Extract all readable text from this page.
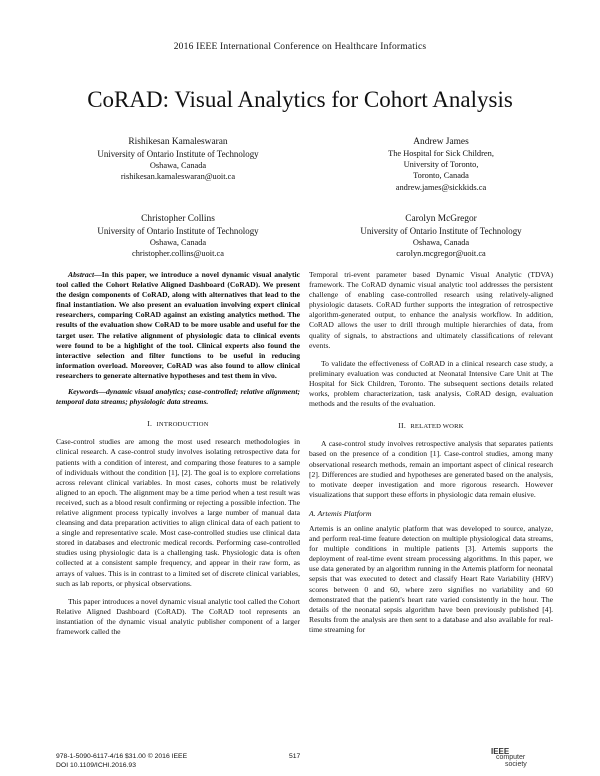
2016 IEEE International Conference on Healthcare Informatics
CoRAD: Visual Analytics for Cohort Analysis
Rishikesan Kamaleswaran
University of Ontario Institute of Technology
Oshawa, Canada
rishikesan.kamaleswaran@uoit.ca
Andrew James
The Hospital for Sick Children,
University of Toronto,
Toronto, Canada
andrew.james@sickkids.ca
Christopher Collins
University of Ontario Institute of Technology
Oshawa, Canada
christopher.collins@uoit.ca
Carolyn McGregor
University of Ontario Institute of Technology
Oshawa, Canada
carolyn.mcgregor@uoit.ca

Abstract—In this paper, we introduce a novel dynamic visual analytic tool called the Cohort Relative Aligned Dashboard (CoRAD). We present the design components of CoRAD, along with alternatives that lead to the final instantiation. We also present an evaluation involving expert clinical researchers, comparing CoRAD against an existing analytics method. The results of the evaluation show CoRAD to be more usable and useful for the target user. The relative alignment of physiologic data to clinical events were found to be a highlight of the tool. Clinical experts also found the interactive selection and filter functions to be useful in reducing information overload. Moreover, CoRAD was also found to allow clinical researchers to generate alternative hypotheses and test them in vivo.

Keywords—dynamic visual analytics; case-controlled; relative alignment; temporal data streams; physiologic data streams.

I. INTRODUCTION

Case-control studies are among the most used research methodologies in clinical research. A case-control study involves isolating retrospective data for patients with a condition of interest, and comparing those features to a sample of individuals without the condition [1], [2]. The goal is to explore correlations across relevant clinical variables. In most cases, cohorts must be relatively aligned to an epoch. The alignment may be a time period when a test result was received, such as a blood result confirming or rejecting a possible infection. The relative alignment process typically involves a large number of manual data cleansing and data preparation activities to align clinical data of each patient to a single and representative scale. Most case-controlled studies use clinical data stored in databases and electronic medical records. Performing case-controlled studies using physiologic data is a challenging task. Physiologic data is often collected at a consistent sample frequency, and appear in their raw form, as arrays of values. This is in contrast to a limited set of discrete clinical variables, such as lab reports, or physical observations.

This paper introduces a novel dynamic visual analytic tool called the Cohort Relative Aligned Dashboard (CoRAD). The CoRAD tool represents an instantiation of the dynamic visual analytic publisher component of a larger framework called the

Temporal tri-event parameter based Dynamic Visual Analytic (TDVA) framework. The CoRAD dynamic visual analytic tool addresses the persistent challenge of enabling case-controlled research using relatively-aligned physiologic datasets. CoRAD further supports the integration of retrospective algorithm-generated output, to enhance the analysis workflow. In addition, CoRAD allows the user to drill through multiple hierarchies of data, from quality of signals, to abstractions and ultimately classifications of relevant events.

To validate the effectiveness of CoRAD in a clinical research case study, a preliminary evaluation was conducted at Neonatal Intensive Care Unit at The Hospital for Sick Children, Toronto. The subsequent sections details related works, problem characterization, task analysis, CoRAD design, evaluation methods and the results of the evaluation.

II. RELATED WORK

A case-control study involves retrospective analysis that separates patients based on the presence of a condition [1]. Case-control studies, among many observational research methods, remain an important aspect of clinical research [2]. Differences are studied and hypotheses are generated based on the analysis, to motivate deeper investigation and more rigorous research. However visualizations that support these efforts in physiologic data remain elusive.

A. Artemis Platform

Artemis is an online analytic platform that was developed to source, analyze, and perform real-time feature detection on multiple physiological data streams, for multiple conditions in multiple patients [3]. Artemis supports the deployment of real-time event stream processing algorithms. In this paper, we use data generated by an algorithm running in the Artemis platform for neonatal sepsis that was executed to detect and classify Heart Rate Variability (HRV) scores between 0 and 60, where zero signifies no variability and 60 demonstrated that the patient's heart rate varied consistently in the hour. The details of the neonatal sepsis algorithm have been previously published [4]. Results from the analysis are then sent to a database and also available for real-time streaming for

978-1-5090-6117-4/16 $31.00 © 2016 IEEE
DOI 10.1109/ICHI.2016.93
517
IEEE
computer
society
